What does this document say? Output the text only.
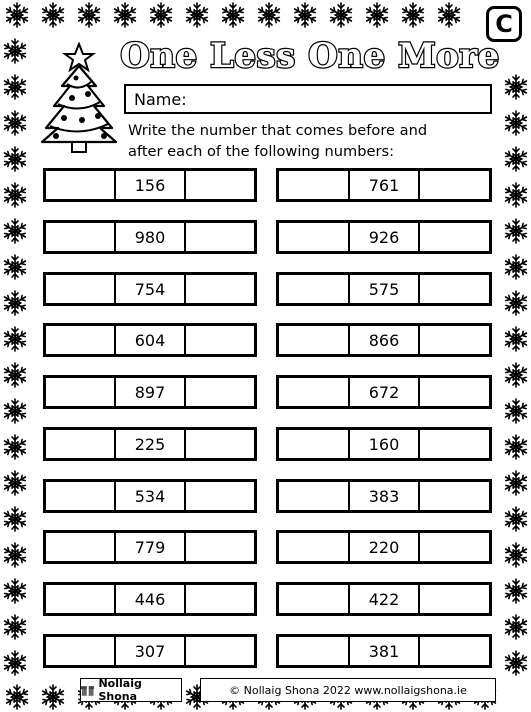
C
One Less One More
Name:
Write the number that comes before and
after each of the following numbers:
156
980
754
604
897
225
534
779
446
307
761
926
575
866
672
160
383
220
422
381
Nollaig Shona	© Nollaig Shona 2022 www.nollaigshona.ie
